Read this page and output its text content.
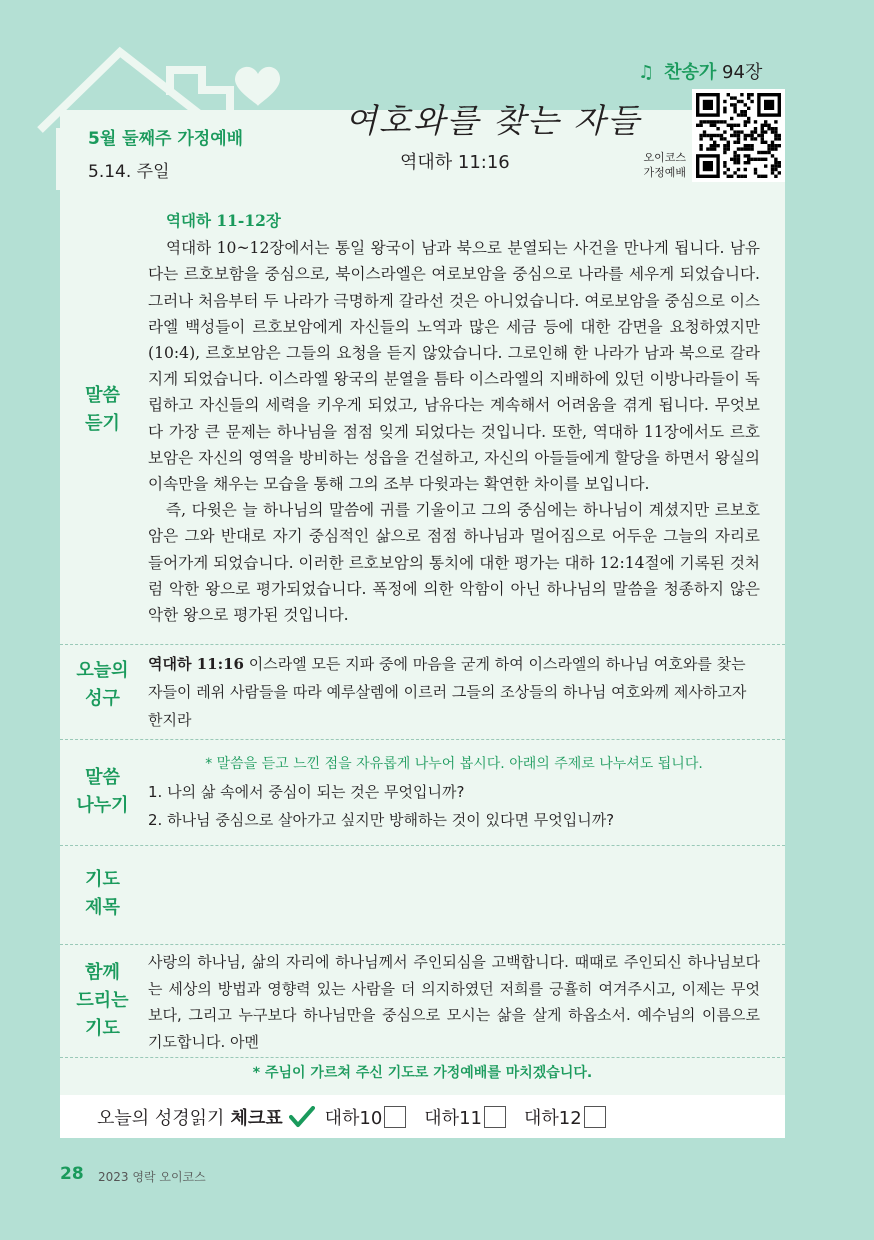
5월 둘째주 가정예배
5.14. 주일
여호와를 찾는 자들
역대하 11:16
♫ 찬송가 94장
오이코스
가정예배
말씀
듣기
역대하 11-12장

역대하 10~12장에서는 통일 왕국이 남과 북으로 분열되는 사건을 만나게 됩니다. 남유다는 르호보함을 중심으로, 북이스라엘은 여로보암을 중심으로 나라를 세우게 되었습니다. 그러나 처음부터 두 나라가 극명하게 갈라선 것은 아니었습니다. 여로보암을 중심으로 이스라엘 백성들이 르호보암에게 자신들의 노역과 많은 세금 등에 대한 감면을 요청하였지만(10:4), 르호보암은 그들의 요청을 듣지 않았습니다. 그로인해 한 나라가 남과 북으로 갈라지게 되었습니다. 이스라엘 왕국의 분열을 틈타 이스라엘의 지배하에 있던 이방나라들이 독립하고 자신들의 세력을 키우게 되었고, 남유다는 계속해서 어려움을 겪게 됩니다. 무엇보다 가장 큰 문제는 하나님을 점점 잊게 되었다는 것입니다. 또한, 역대하 11장에서도 르호보암은 자신의 영역을 방비하는 성읍을 건설하고, 자신의 아들들에게 할당을 하면서 왕실의 이속만을 채우는 모습을 통해 그의 조부 다윗과는 확연한 차이를 보입니다.

즉, 다윗은 늘 하나님의 말씀에 귀를 기울이고 그의 중심에는 하나님이 계셨지만 르보호암은 그와 반대로 자기 중심적인 삶으로 점점 하나님과 멀어짐으로 어두운 그늘의 자리로 들어가게 되었습니다. 이러한 르호보암의 통치에 대한 평가는 대하 12:14절에 기록된 것처럼 악한 왕으로 평가되었습니다. 폭정에 의한 악함이 아닌 하나님의 말씀을 청종하지 않은 악한 왕으로 평가된 것입니다.

오늘의
성구
역대하 11:16 이스라엘 모든 지파 중에 마음을 굳게 하여 이스라엘의 하나님 여호와를 찾는 자들이 레위 사람들을 따라 예루살렘에 이르러 그들의 조상들의 하나님 여호와께 제사하고자 한지라
말씀
나누기
* 말씀을 듣고 느낀 점을 자유롭게 나누어 봅시다. 아래의 주제로 나누셔도 됩니다.
1. 나의 삶 속에서 중심이 되는 것은 무엇입니까?
2. 하나님 중심으로 살아가고 싶지만 방해하는 것이 있다면 무엇입니까?
기도
제목
함께
드리는
기도

사랑의 하나님, 삶의 자리에 하나님께서 주인되심을 고백합니다. 때때로 주인되신 하나님보다는 세상의 방법과 영향력 있는 사람을 더 의지하였던 저희를 긍휼히 여겨주시고, 이제는 무엇보다, 그리고 누구보다 하나님만을 중심으로 모시는 삶을 살게 하옵소서. 예수님의 이름으로 기도합니다. 아멘

* 주님이 가르쳐 주신 기도로 가정예배를 마치겠습니다.
오늘의 성경읽기 체크표 대하10 대하11 대하12
28 2023 영락 오이코스
